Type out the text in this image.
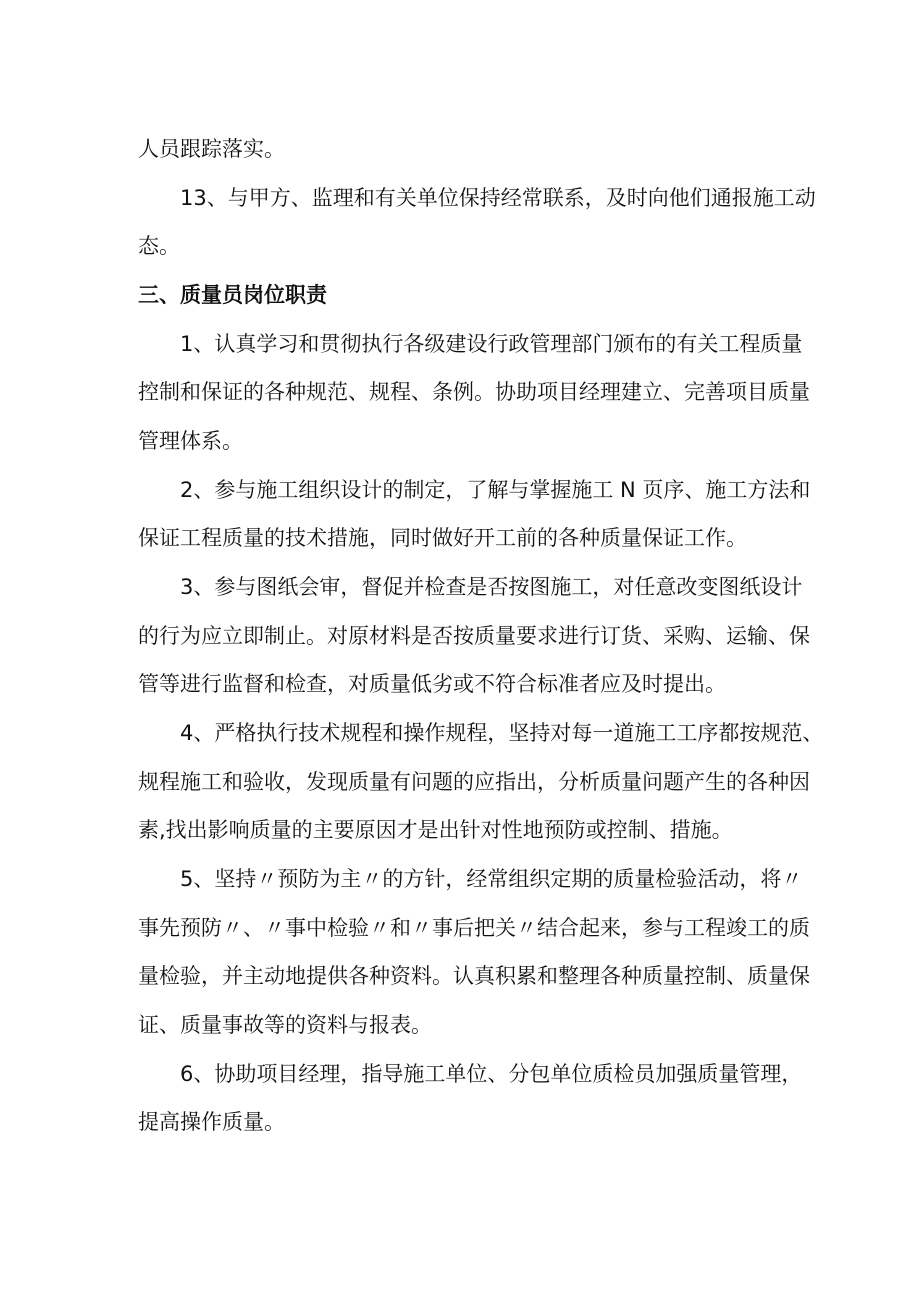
人员跟踪落实。
13、与甲方、监理和有关单位保持经常联系，及时向他们通报施工动
态。
三、质量员岗位职责
1、认真学习和贯彻执行各级建设行政管理部门颁布的有关工程质量
控制和保证的各种规范、规程、条例。协助项目经理建立、完善项目质量
管理体系。
2、参与施工组织设计的制定，了解与掌握施工 N 页序、施工方法和
保证工程质量的技术措施，同时做好开工前的各种质量保证工作。
3、参与图纸会审，督促并检查是否按图施工，对任意改变图纸设计
的行为应立即制止。对原材料是否按质量要求进行订货、采购、运输、保
管等进行监督和检查，对质量低劣或不符合标准者应及时提出。
4、严格执行技术规程和操作规程，坚持对每一道施工工序都按规范、
规程施工和验收，发现质量有问题的应指出，分析质量问题产生的各种因
素,找出影响质量的主要原因才是出针对性地预防或控制、措施。
5、坚持〃预防为主〃的方针，经常组织定期的质量检验活动，将〃
事先预防〃、〃事中检验〃和〃事后把关〃结合起来，参与工程竣工的质
量检验，并主动地提供各种资料。认真积累和整理各种质量控制、质量保
证、质量事故等的资料与报表。
6、协助项目经理，指导施工单位、分包单位质检员加强质量管理，
提高操作质量。
